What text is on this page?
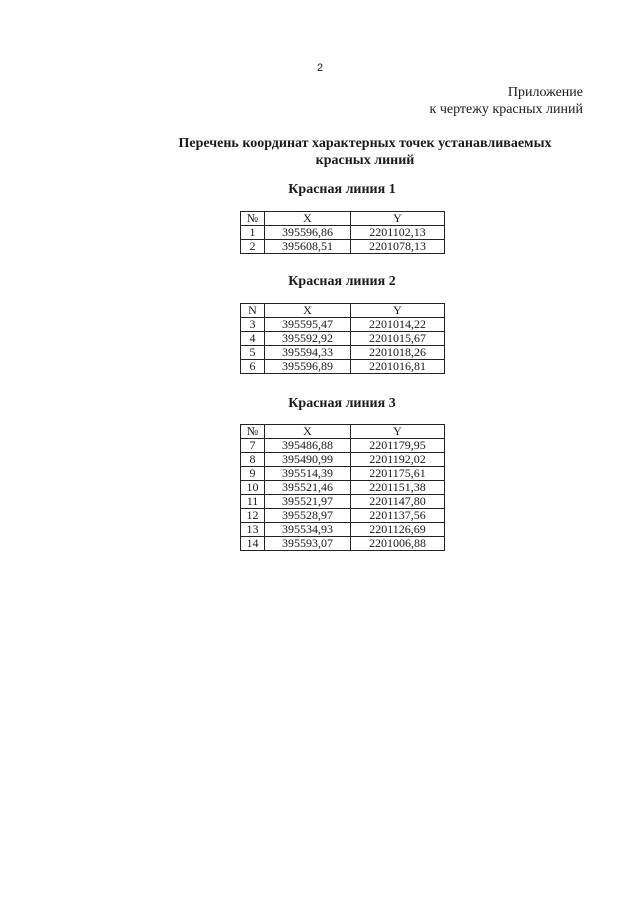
2
Приложение
к чертежу красных линий
Перечень координат характерных точек устанавливаемых
красных линий
Красная линия 1
№	X	Y
1	395596,86	2201102,13
2	395608,51	2201078,13
Красная линия 2
N	X	Y
3	395595,47	2201014,22
4	395592,92	2201015,67
5	395594,33	2201018,26
6	395596,89	2201016,81
Красная линия 3
№	X	Y
7	395486,88	2201179,95
8	395490,99	2201192,02
9	395514,39	2201175,61
10	395521,46	2201151,38
11	395521,97	2201147,80
12	395528,97	2201137,56
13	395534,93	2201126,69
14	395593,07	2201006,88
